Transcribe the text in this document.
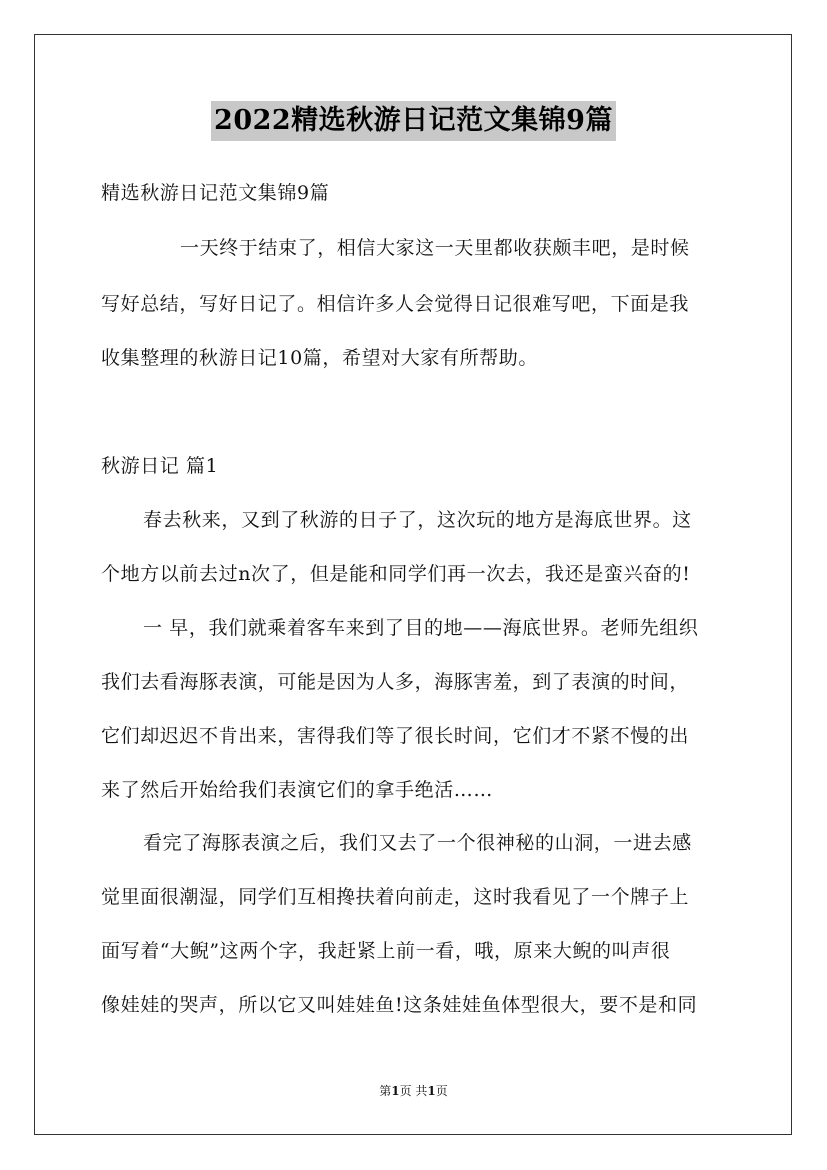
2022精选秋游日记范文集锦9篇
精选秋游日记范文集锦9篇
一天终于结束了，相信大家这一天里都收获颇丰吧，是时候
写好总结，写好日记了。相信许多人会觉得日记很难写吧，下面是我
收集整理的秋游日记10篇，希望对大家有所帮助。
秋游日记 篇1
春去秋来，又到了秋游的日子了，这次玩的地方是海底世界。这
个地方以前去过n次了，但是能和同学们再一次去，我还是蛮兴奋的!
一 早，我们就乘着客车来到了目的地——海底世界。老师先组织
我们去看海豚表演，可能是因为人多，海豚害羞，到了表演的时间，
它们却迟迟不肯出来，害得我们等了很长时间，它们才不紧不慢的出
来了然后开始给我们表演它们的拿手绝活……
看完了海豚表演之后，我们又去了一个很神秘的山洞，一进去感
觉里面很潮湿，同学们互相搀扶着向前走，这时我看见了一个牌子上
面写着“大鲵”这两个字，我赶紧上前一看，哦，原来大鲵的叫声很
像娃娃的哭声，所以它又叫娃娃鱼!这条娃娃鱼体型很大，要不是和同
第1页 共1页
